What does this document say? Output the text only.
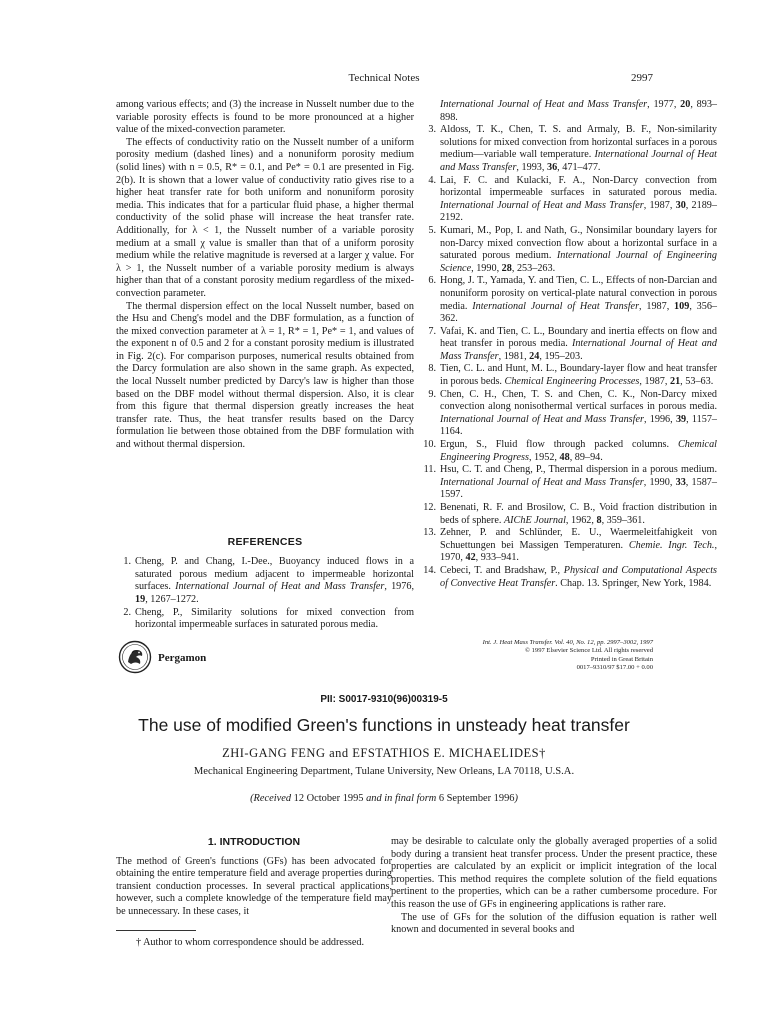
Technical Notes	2997

among various effects; and (3) the increase in Nusselt number due to the variable porosity effects is found to be more pronounced at a higher value of the mixed-convection parameter.

The effects of conductivity ratio on the Nusselt number of a uniform porosity medium (dashed lines) and a nonuniform porosity medium (solid lines) with n = 0.5, R* = 0.1, and Pe* = 0.1 are presented in Fig. 2(b). It is shown that a lower value of conductivity ratio gives rise to a higher heat transfer rate for both uniform and nonuniform porosity media. This indicates that for a particular fluid phase, a higher thermal conductivity of the solid phase will increase the heat transfer rate. Additionally, for λ < 1, the Nusselt number of a variable porosity medium at a small χ value is smaller than that of a uniform porosity medium while the relative magnitude is reversed at a larger χ value. For λ > 1, the Nusselt number of a variable porosity medium is always higher than that of a constant porosity medium regardless of the mixed-convection parameter.

The thermal dispersion effect on the local Nusselt number, based on the Hsu and Cheng's model and the DBF formulation, as a function of the mixed convection parameter at λ = 1, R* = 1, Pe* = 1, and values of the exponent n of 0.5 and 2 for a constant porosity medium is illustrated in Fig. 2(c). For comparison purposes, numerical results obtained from the Darcy formulation are also shown in the same graph. As expected, the local Nusselt number predicted by Darcy's law is higher than those based on the DBF model without thermal dispersion. Also, it is clear from this figure that thermal dispersion greatly increases the heat transfer rate. Thus, the heat transfer results based on the Darcy formulation lie between those obtained from the DBF formulation with and without thermal dispersion.

REFERENCES
1. Cheng, P. and Chang, I.-Dee., Buoyancy induced flows in a saturated porous medium adjacent to impermeable horizontal surfaces. International Journal of Heat and Mass Transfer, 1976, 19, 1267–1272.
2. Cheng, P., Similarity solutions for mixed convection from horizontal impermeable surfaces in saturated porous media.
International Journal of Heat and Mass Transfer, 1977, 20, 893–898.
3. Aldoss, T. K., Chen, T. S. and Armaly, B. F., Non-similarity solutions for mixed convection from horizontal surfaces in a porous medium—variable wall temperature. International Journal of Heat and Mass Transfer, 1993, 36, 471–477.
4. Lai, F. C. and Kulacki, F. A., Non-Darcy convection from horizontal impermeable surfaces in saturated porous media. International Journal of Heat and Mass Transfer, 1987, 30, 2189–2192.
5. Kumari, M., Pop, I. and Nath, G., Nonsimilar boundary layers for non-Darcy mixed convection flow about a horizontal surface in a saturated porous medium. International Journal of Engineering Science, 1990, 28, 253–263.
6. Hong, J. T., Yamada, Y. and Tien, C. L., Effects of non-Darcian and nonuniform porosity on vertical-plate natural convection in porous media. International Journal of Heat Transfer, 1987, 109, 356–362.
7. Vafai, K. and Tien, C. L., Boundary and inertia effects on flow and heat transfer in porous media. International Journal of Heat and Mass Transfer, 1981, 24, 195–203.
8. Tien, C. L. and Hunt, M. L., Boundary-layer flow and heat transfer in porous beds. Chemical Engineering Processes, 1987, 21, 53–63.
9. Chen, C. H., Chen, T. S. and Chen, C. K., Non-Darcy mixed convection along nonisothermal vertical surfaces in porous media. International Journal of Heat and Mass Transfer, 1996, 39, 1157–1164.
10. Ergun, S., Fluid flow through packed columns. Chemical Engineering Progress, 1952, 48, 89–94.
11. Hsu, C. T. and Cheng, P., Thermal dispersion in a porous medium. International Journal of Heat and Mass Transfer, 1990, 33, 1587–1597.
12. Benenati, R. F. and Brosilow, C. B., Void fraction distribution in beds of sphere. AIChE Journal, 1962, 8, 359–361.
13. Zehner, P. and Schlünder, E. U., Waermeleitfahigkeit von Schuettungen bei Massigen Temperaturen. Chemie. Ingr. Tech., 1970, 42, 933–941.
14. Cebeci, T. and Bradshaw, P., Physical and Computational Aspects of Convective Heat Transfer. Chap. 13. Springer, New York, 1984.
Pergamon
Int. J. Heat Mass Transfer. Vol. 40, No. 12, pp. 2997–3002, 1997
© 1997 Elsevier Science Ltd. All rights reserved
Printed in Great Britain
0017–9310/97 $17.00 + 0.00
PII: S0017-9310(96)00319-5
The use of modified Green's functions in unsteady heat transfer
ZHI-GANG FENG and EFSTATHIOS E. MICHAELIDES†
Mechanical Engineering Department, Tulane University, New Orleans, LA 70118, U.S.A.
(Received 12 October 1995 and in final form 6 September 1996)
1. INTRODUCTION

The method of Green's functions (GFs) has been advocated for obtaining the entire temperature field and average properties during transient conduction processes. In several practical applications, however, such a complete knowledge of the temperature field may be unnecessary. In these cases, it

may be desirable to calculate only the globally averaged properties of a solid body during a transient heat transfer process. Under the present practice, these properties are calculated by an explicit or implicit integration of the local properties. This method requires the complete solution of the field equations pertinent to the properties, which can be a rather cumbersome procedure. For this reason the use of GFs in engineering applications is rather rare.

The use of GFs for the solution of the diffusion equation is rather well known and documented in several books and

† Author to whom correspondence should be addressed.
